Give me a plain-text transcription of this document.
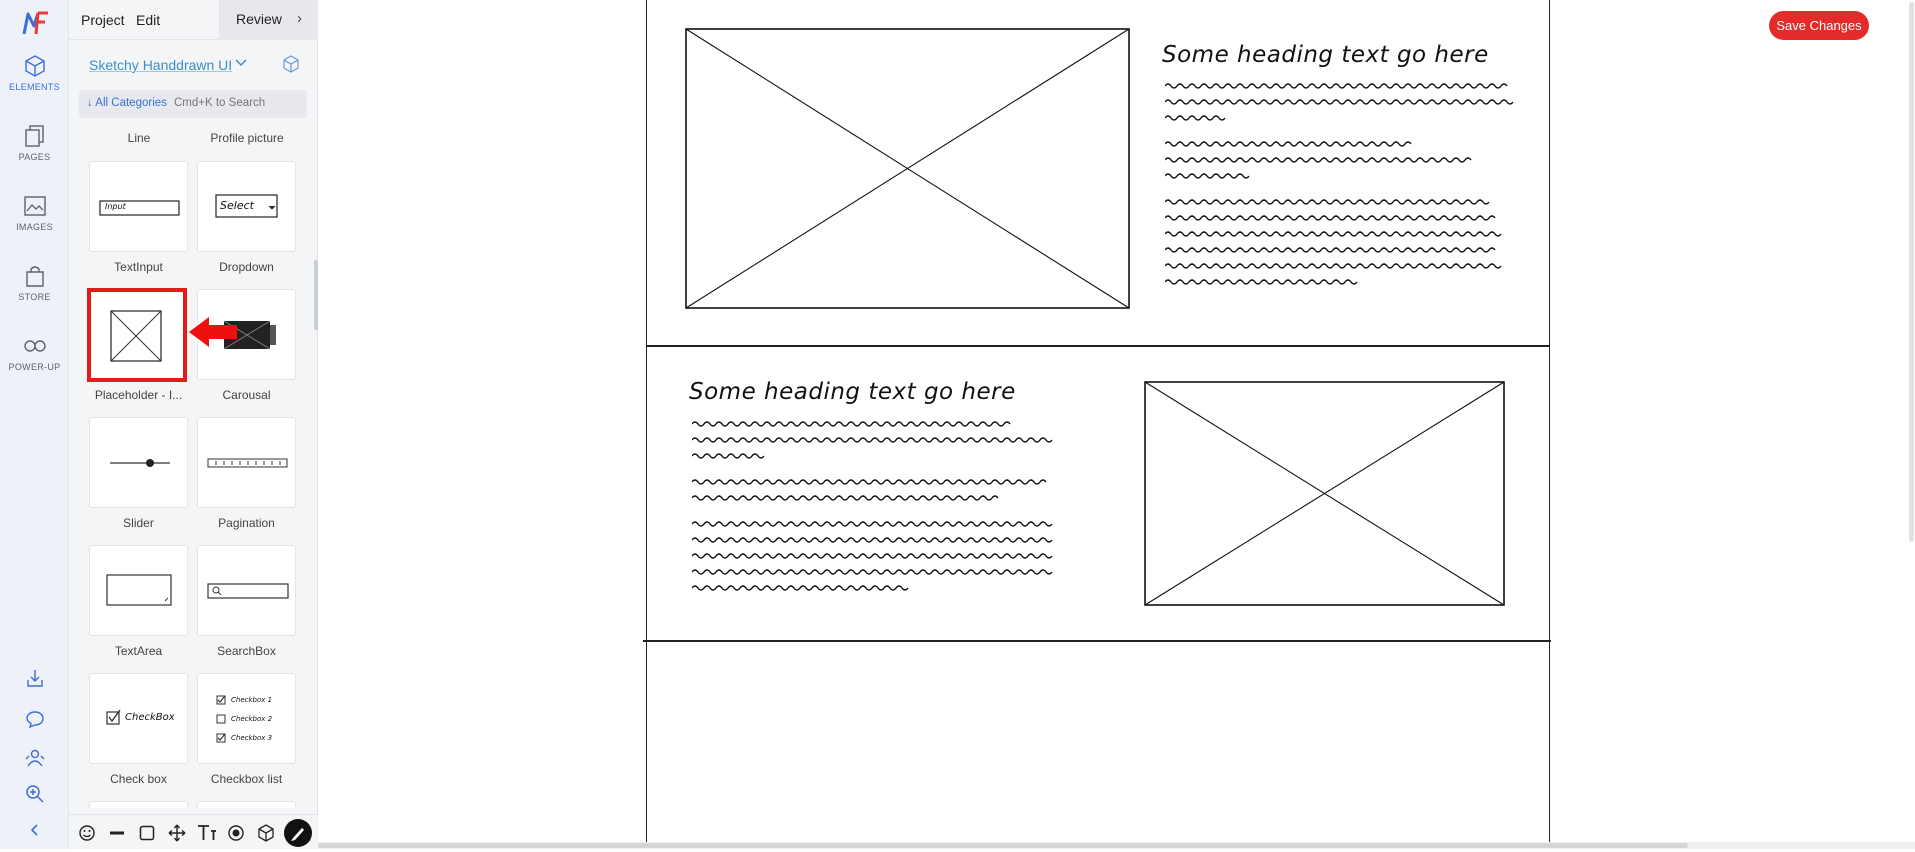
ELEMENTS
PAGES
IMAGES
STORE
POWER-UP
Project Edit	Review ›
Sketchy Handdrawn UI
↓ All Categories
Cmd+K to Search
Line	Profile picture
Input
TextInput
Select
Dropdown
Placeholder - I...	Carousal
Slider	Pagination
TextArea	SearchBox
CheckBox
Check box
Checkbox 1
Checkbox 2
Checkbox 3
Checkbox list
Save Changes
Some heading text go here
Some heading text go here
